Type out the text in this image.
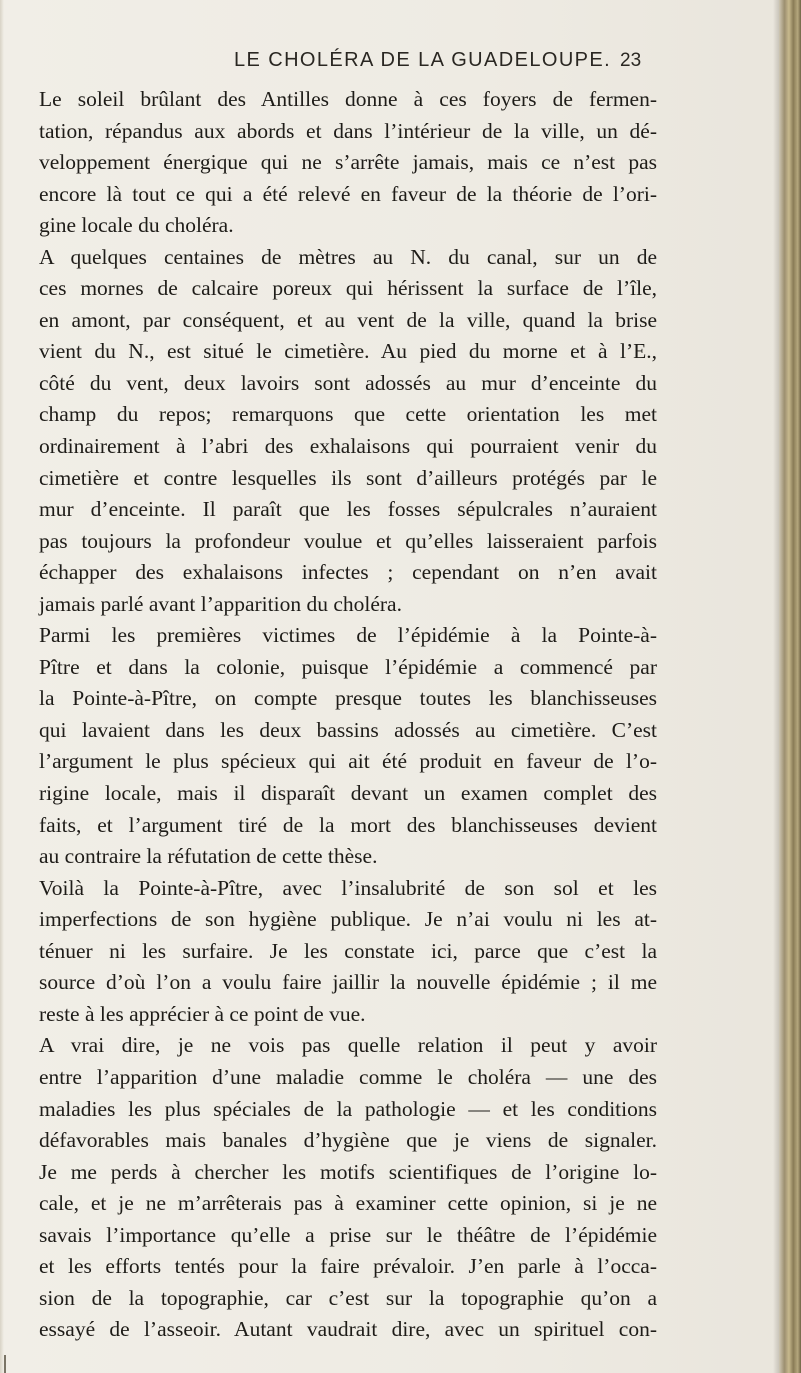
LE CHOLÉRA DE LA GUADELOUPE. 23
Le soleil brûlant des Antilles donne à ces foyers de fermen-
tation, répandus aux abords et dans l’intérieur de la ville, un dé-
veloppement énergique qui ne s’arrête jamais, mais ce n’est pas
encore là tout ce qui a été relevé en faveur de la théorie de l’ori-
gine locale du choléra.
A quelques centaines de mètres au N. du canal, sur un de
ces mornes de calcaire poreux qui hérissent la surface de l’île,
en amont, par conséquent, et au vent de la ville, quand la brise
vient du N., est situé le cimetière. Au pied du morne et à l’E.,
côté du vent, deux lavoirs sont adossés au mur d’enceinte du
champ du repos; remarquons que cette orientation les met
ordinairement à l’abri des exhalaisons qui pourraient venir du
cimetière et contre lesquelles ils sont d’ailleurs protégés par le
mur d’enceinte. Il paraît que les fosses sépulcrales n’auraient
pas toujours la profondeur voulue et qu’elles laisseraient parfois
échapper des exhalaisons infectes ; cependant on n’en avait
jamais parlé avant l’apparition du choléra.
Parmi les premières victimes de l’épidémie à la Pointe-à-
Pître et dans la colonie, puisque l’épidémie a commencé par
la Pointe-à-Pître, on compte presque toutes les blanchisseuses
qui lavaient dans les deux bassins adossés au cimetière. C’est
l’argument le plus spécieux qui ait été produit en faveur de l’o-
rigine locale, mais il disparaît devant un examen complet des
faits, et l’argument tiré de la mort des blanchisseuses devient
au contraire la réfutation de cette thèse.
Voilà la Pointe-à-Pître, avec l’insalubrité de son sol et les
imperfections de son hygiène publique. Je n’ai voulu ni les at-
ténuer ni les surfaire. Je les constate ici, parce que c’est la
source d’où l’on a voulu faire jaillir la nouvelle épidémie ; il me
reste à les apprécier à ce point de vue.
A vrai dire, je ne vois pas quelle relation il peut y avoir
entre l’apparition d’une maladie comme le choléra — une des
maladies les plus spéciales de la pathologie — et les conditions
défavorables mais banales d’hygiène que je viens de signaler.
Je me perds à chercher les motifs scientifiques de l’origine lo-
cale, et je ne m’arrêterais pas à examiner cette opinion, si je ne
savais l’importance qu’elle a prise sur le théâtre de l’épidémie
et les efforts tentés pour la faire prévaloir. J’en parle à l’occa-
sion de la topographie, car c’est sur la topographie qu’on a
essayé de l’asseoir. Autant vaudrait dire, avec un spirituel con-
